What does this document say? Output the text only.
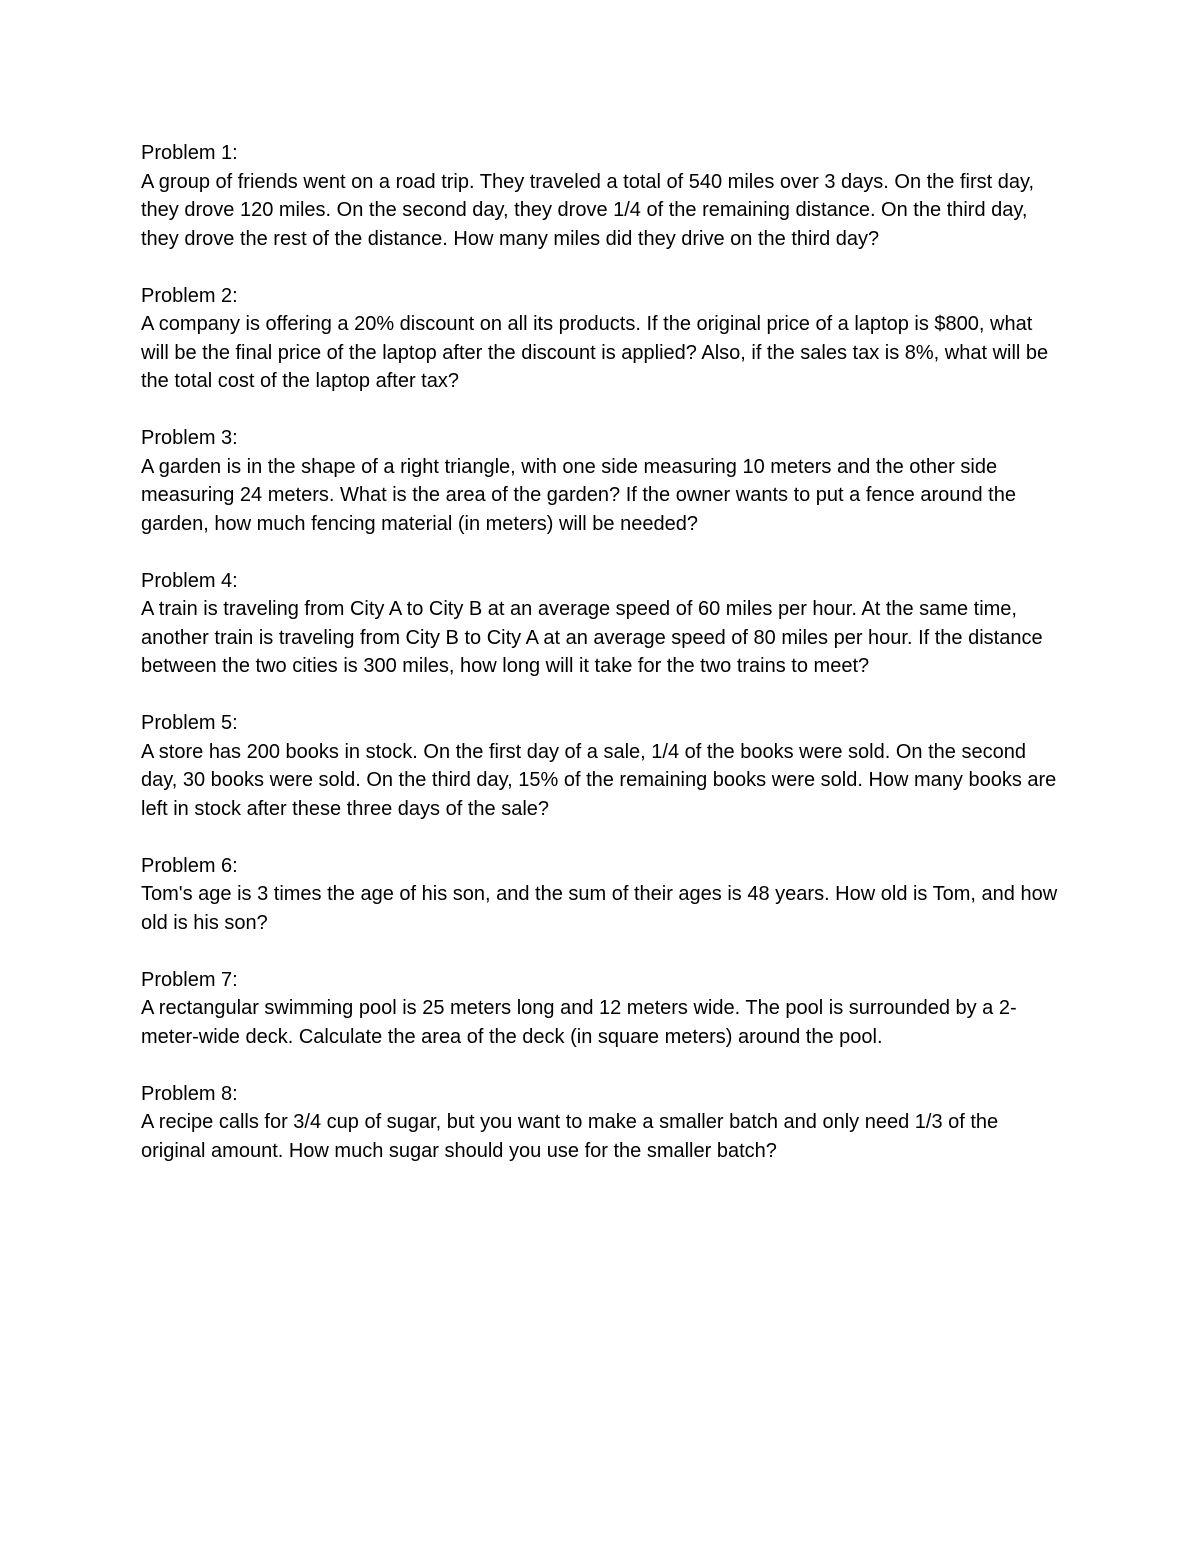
Problem 1:

A group of friends went on a road trip. They traveled a total of 540 miles over 3 days. On the first day, they drove 120 miles. On the second day, they drove 1/4 of the remaining distance. On the third day, they drove the rest of the distance. How many miles did they drive on the third day?

Problem 2:

A company is offering a 20% discount on all its products. If the original price of a laptop is $800, what will be the final price of the laptop after the discount is applied? Also, if the sales tax is 8%, what will be the total cost of the laptop after tax?

Problem 3:

A garden is in the shape of a right triangle, with one side measuring 10 meters and the other side measuring 24 meters. What is the area of the garden? If the owner wants to put a fence around the garden, how much fencing material (in meters) will be needed?

Problem 4:

A train is traveling from City A to City B at an average speed of 60 miles per hour. At the same time, another train is traveling from City B to City A at an average speed of 80 miles per hour. If the distance between the two cities is 300 miles, how long will it take for the two trains to meet?

Problem 5:

A store has 200 books in stock. On the first day of a sale, 1/4 of the books were sold. On the second day, 30 books were sold. On the third day, 15% of the remaining books were sold. How many books are left in stock after these three days of the sale?

Problem 6:

Tom's age is 3 times the age of his son, and the sum of their ages is 48 years. How old is Tom, and how old is his son?

Problem 7:

A rectangular swimming pool is 25 meters long and 12 meters wide. The pool is surrounded by a 2-meter-wide deck. Calculate the area of the deck (in square meters) around the pool.

Problem 8:

A recipe calls for 3/4 cup of sugar, but you want to make a smaller batch and only need 1/3 of the original amount. How much sugar should you use for the smaller batch?
